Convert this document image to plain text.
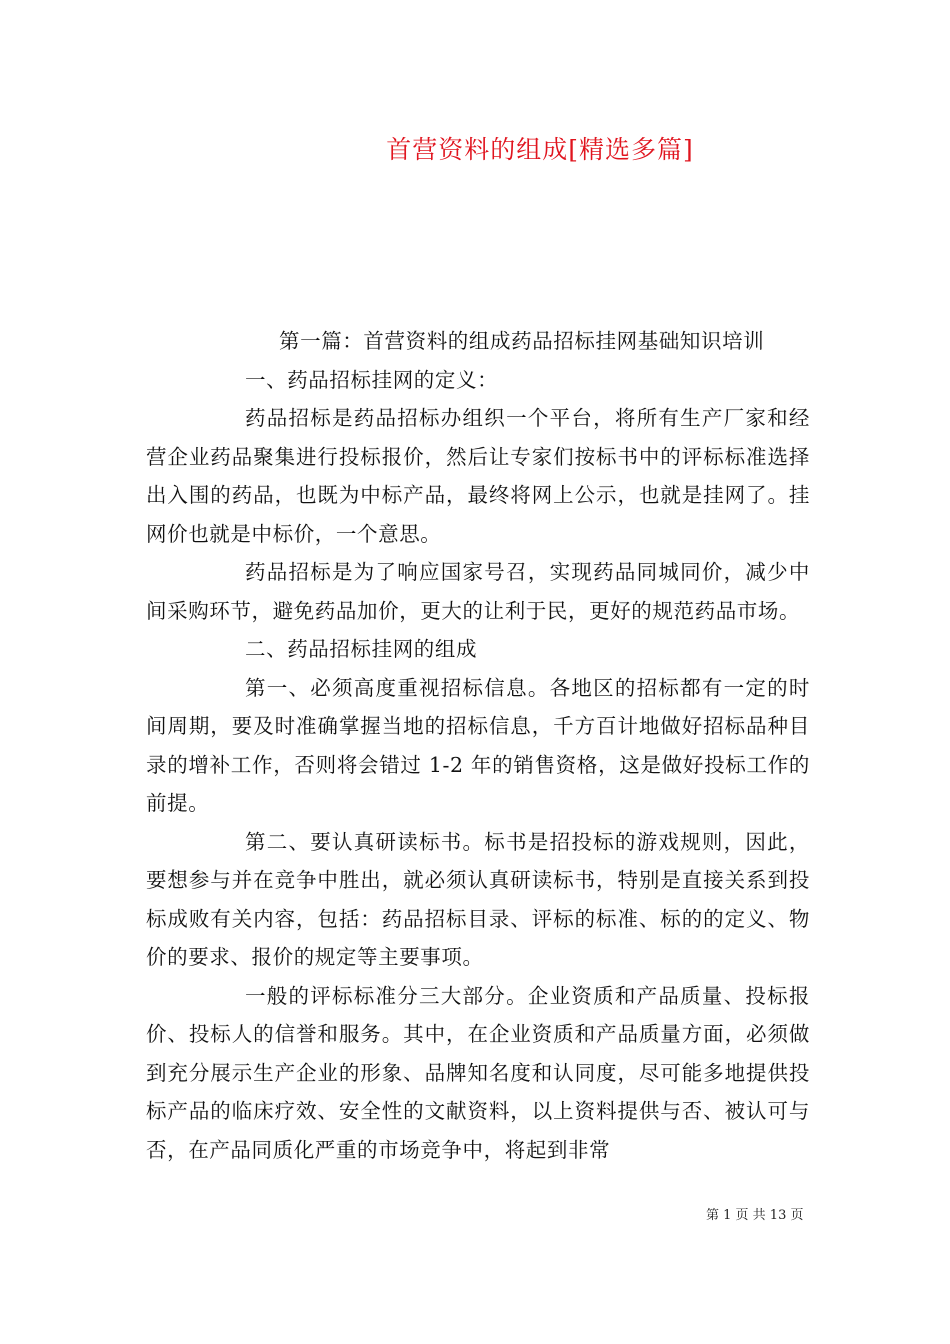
首营资料的组成[精选多篇]

第一篇：首营资料的组成药品招标挂网基础知识培训

一、药品招标挂网的定义：

药品招标是药品招标办组织一个平台，将所有生产厂家和经营企业药品聚集进行投标报价，然后让专家们按标书中的评标标准选择出入围的药品，也既为中标产品，最终将网上公示，也就是挂网了。挂网价也就是中标价，一个意思。

药品招标是为了响应国家号召，实现药品同城同价，减少中间采购环节，避免药品加价，更大的让利于民，更好的规范药品市场。

二、药品招标挂网的组成

第一、必须高度重视招标信息。各地区的招标都有一定的时间周期，要及时准确掌握当地的招标信息，千方百计地做好招标品种目录的增补工作，否则将会错过 1-2 年的销售资格，这是做好投标工作的前提。

第二、要认真研读标书。标书是招投标的游戏规则，因此，要想参与并在竞争中胜出，就必须认真研读标书，特别是直接关系到投标成败有关内容，包括：药品招标目录、评标的标准、标的的定义、物价的要求、报价的规定等主要事项。

一般的评标标准分三大部分。企业资质和产品质量、投标报价、投标人的信誉和服务。其中，在企业资质和产品质量方面，必须做到充分展示生产企业的形象、品牌知名度和认同度，尽可能多地提供投标产品的临床疗效、安全性的文献资料，以上资料提供与否、被认可与否，在产品同质化严重的市场竞争中，将起到非常

第 1 页 共 13 页
